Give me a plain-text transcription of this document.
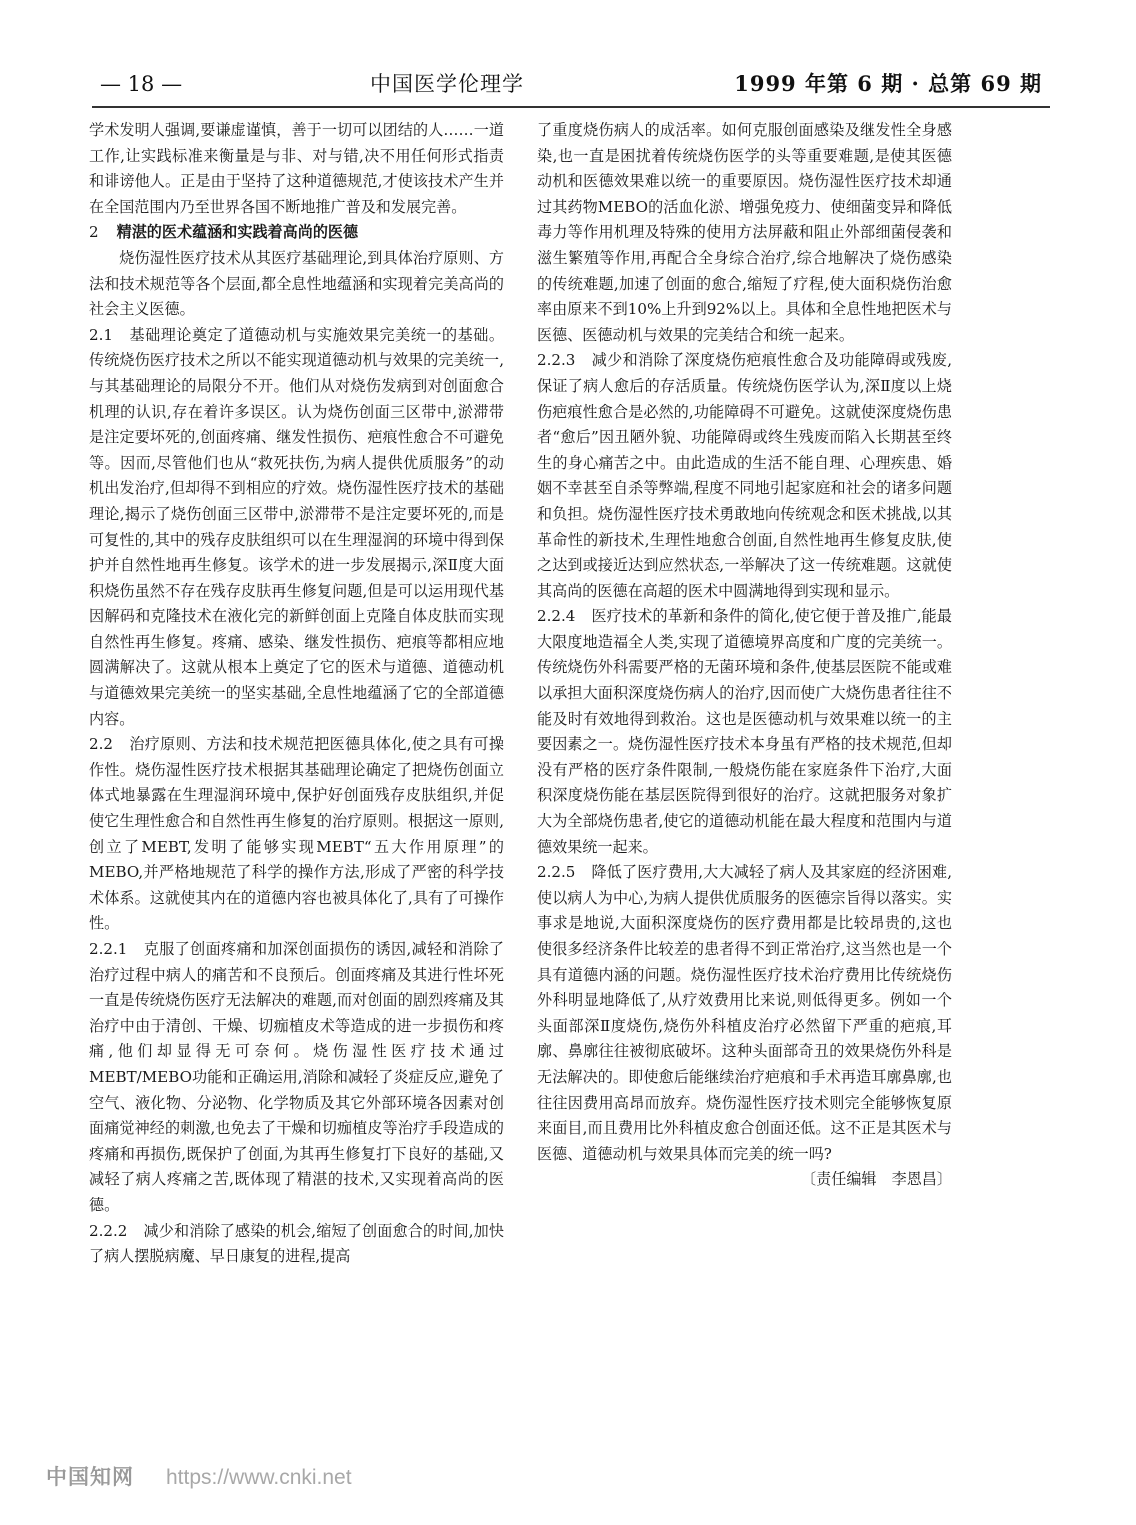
— 18 —	中国医学伦理学	1999 年第 6 期 · 总第 69 期

学术发明人强调,要谦虚谨慎，善于一切可以团结的人……一道工作,让实践标准来衡量是与非、对与错,决不用任何形式指责和诽谤他人。正是由于坚持了这种道德规范,才使该技术产生并在全国范围内乃至世界各国不断地推广普及和发展完善。

2 精湛的医术蕴涵和实践着高尚的医德

烧伤湿性医疗技术从其医疗基础理论,到具体治疗原则、方法和技术规范等各个层面,都全息性地蕴涵和实现着完美高尚的社会主义医德。

2.1 基础理论奠定了道德动机与实施效果完美统一的基础。传统烧伤医疗技术之所以不能实现道德动机与效果的完美统一,与其基础理论的局限分不开。他们从对烧伤发病到对创面愈合机理的认识,存在着许多误区。认为烧伤创面三区带中,淤滞带是注定要坏死的,创面疼痛、继发性损伤、疤痕性愈合不可避免等。因而,尽管他们也从“救死扶伤,为病人提供优质服务”的动机出发治疗,但却得不到相应的疗效。烧伤湿性医疗技术的基础理论,揭示了烧伤创面三区带中,淤滞带不是注定要坏死的,而是可复性的,其中的残存皮肤组织可以在生理湿润的环境中得到保护并自然性地再生修复。该学术的进一步发展揭示,深Ⅱ度大面积烧伤虽然不存在残存皮肤再生修复问题,但是可以运用现代基因解码和克隆技术在液化完的新鲜创面上克隆自体皮肤而实现自然性再生修复。疼痛、感染、继发性损伤、疤痕等都相应地圆满解决了。这就从根本上奠定了它的医术与道德、道德动机与道德效果完美统一的坚实基础,全息性地蕴涵了它的全部道德内容。

2.2 治疗原则、方法和技术规范把医德具体化,使之具有可操作性。烧伤湿性医疗技术根据其基础理论确定了把烧伤创面立体式地暴露在生理湿润环境中,保护好创面残存皮肤组织,并促使它生理性愈合和自然性再生修复的治疗原则。根据这一原则,创立了MEBT,发明了能够实现MEBT“五大作用原理”的MEBO,并严格地规范了科学的操作方法,形成了严密的科学技术体系。这就使其内在的道德内容也被具体化了,具有了可操作性。

2.2.1 克服了创面疼痛和加深创面损伤的诱因,减轻和消除了治疗过程中病人的痛苦和不良预后。创面疼痛及其进行性坏死一直是传统烧伤医疗无法解决的难题,而对创面的剧烈疼痛及其治疗中由于清创、干燥、切痂植皮术等造成的进一步损伤和疼痛,他们却显得无可奈何。烧伤湿性医疗技术通过MEBT/MEBO功能和正确运用,消除和减轻了炎症反应,避免了空气、液化物、分泌物、化学物质及其它外部环境各因素对创面痛觉神经的刺激,也免去了干燥和切痂植皮等治疗手段造成的疼痛和再损伤,既保护了创面,为其再生修复打下良好的基础,又减轻了病人疼痛之苦,既体现了精湛的技术,又实现着高尚的医德。

2.2.2 减少和消除了感染的机会,缩短了创面愈合的时间,加快了病人摆脱病魔、早日康复的进程,提高

了重度烧伤病人的成活率。如何克服创面感染及继发性全身感染,也一直是困扰着传统烧伤医学的头等重要难题,是使其医德动机和医德效果难以统一的重要原因。烧伤湿性医疗技术却通过其药物MEBO的活血化淤、增强免疫力、使细菌变异和降低毒力等作用机理及特殊的使用方法屏蔽和阻止外部细菌侵袭和滋生繁殖等作用,再配合全身综合治疗,综合地解决了烧伤感染的传统难题,加速了创面的愈合,缩短了疗程,使大面积烧伤治愈率由原来不到10%上升到92%以上。具体和全息性地把医术与医德、医德动机与效果的完美结合和统一起来。

2.2.3 减少和消除了深度烧伤疤痕性愈合及功能障碍或残废,保证了病人愈后的存活质量。传统烧伤医学认为,深Ⅱ度以上烧伤疤痕性愈合是必然的,功能障碍不可避免。这就使深度烧伤患者“愈后”因丑陋外貌、功能障碍或终生残废而陷入长期甚至终生的身心痛苦之中。由此造成的生活不能自理、心理疾患、婚姻不幸甚至自杀等弊端,程度不同地引起家庭和社会的诸多问题和负担。烧伤湿性医疗技术勇敢地向传统观念和医术挑战,以其革命性的新技术,生理性地愈合创面,自然性地再生修复皮肤,使之达到或接近达到应然状态,一举解决了这一传统难题。这就使其高尚的医德在高超的医术中圆满地得到实现和显示。

2.2.4 医疗技术的革新和条件的简化,使它便于普及推广,能最大限度地造福全人类,实现了道德境界高度和广度的完美统一。传统烧伤外科需要严格的无菌环境和条件,使基层医院不能或难以承担大面积深度烧伤病人的治疗,因而使广大烧伤患者往往不能及时有效地得到救治。这也是医德动机与效果难以统一的主要因素之一。烧伤湿性医疗技术本身虽有严格的技术规范,但却没有严格的医疗条件限制,一般烧伤能在家庭条件下治疗,大面积深度烧伤能在基层医院得到很好的治疗。这就把服务对象扩大为全部烧伤患者,使它的道德动机能在最大程度和范围内与道德效果统一起来。

2.2.5 降低了医疗费用,大大减轻了病人及其家庭的经济困难,使以病人为中心,为病人提供优质服务的医德宗旨得以落实。实事求是地说,大面积深度烧伤的医疗费用都是比较昂贵的,这也使很多经济条件比较差的患者得不到正常治疗,这当然也是一个具有道德内涵的问题。烧伤湿性医疗技术治疗费用比传统烧伤外科明显地降低了,从疗效费用比来说,则低得更多。例如一个头面部深Ⅱ度烧伤,烧伤外科植皮治疗必然留下严重的疤痕,耳廓、鼻廓往往被彻底破坏。这种头面部奇丑的效果烧伤外科是无法解决的。即使愈后能继续治疗疤痕和手术再造耳廓鼻廓,也往往因费用高昂而放弃。烧伤湿性医疗技术则完全能够恢复原来面目,而且费用比外科植皮愈合创面还低。这不正是其医术与医德、道德动机与效果具体而完美的统一吗?

〔责任编辑　李恩昌〕

中国知网 https://www.cnki.net
